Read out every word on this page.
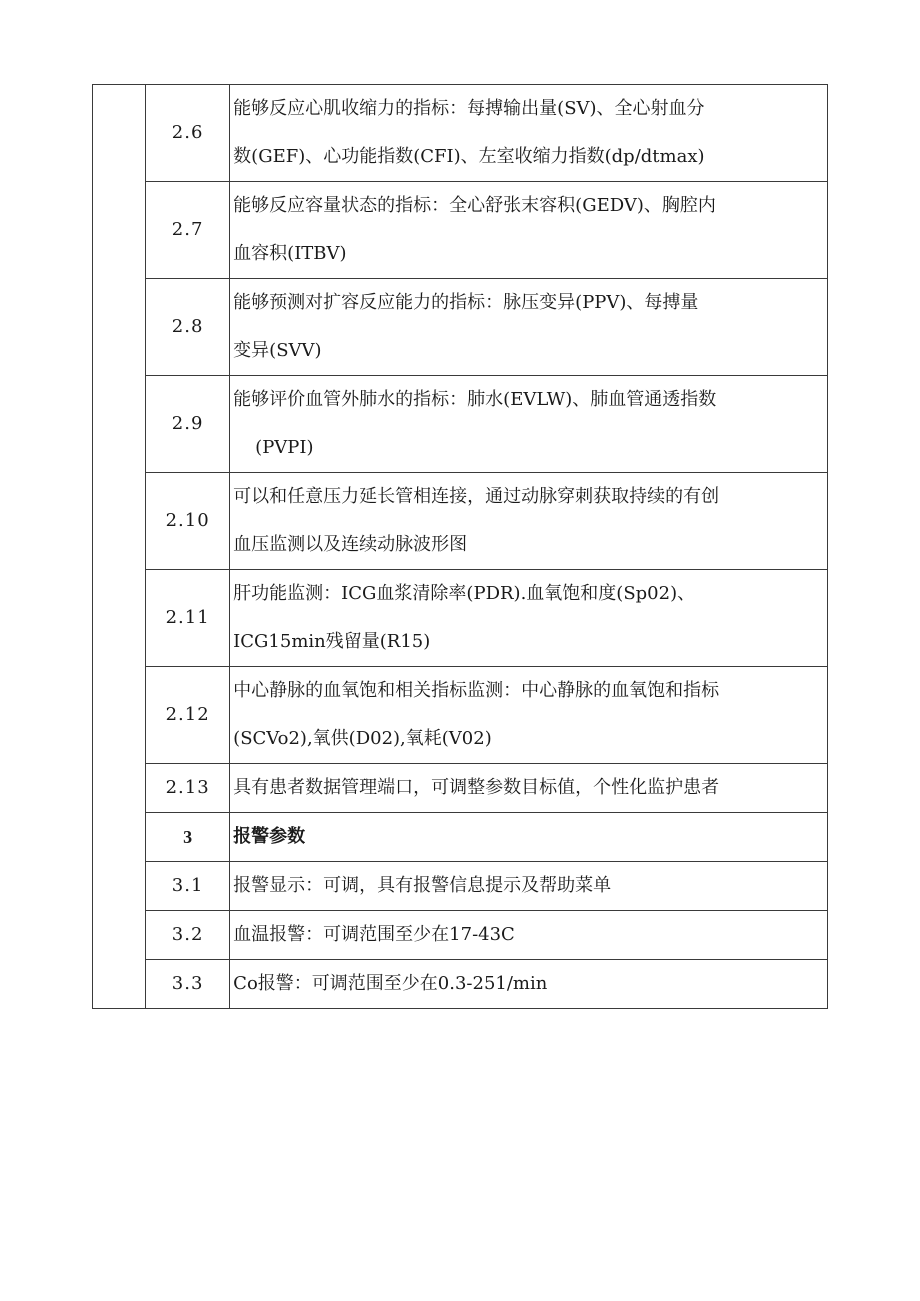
	2.6	能够反应心肌收缩力的指标：每搏输出量(SV)、全心射血分
数(GEF)、心功能指数(CFI)、左室收缩力指数(dp/dtmax)

	2.7	能够反应容量状态的指标：全心舒张末容积(GEDV)、胸腔内
血容积(ITBV)

	2.8	能够预测对扩容反应能力的指标：脉压变异(PPV)、每搏量
变异(SVV)

	2.9	能够评价血管外肺水的指标：肺水(EVLW)、肺血管通透指数
(PVPI)

	2.10	可以和任意压力延长管相连接，通过动脉穿刺获取持续的有创
血压监测以及连续动脉波形图

	2.11	肝功能监测：ICG血浆清除率(PDR).血氧饱和度(Sp02)、
ICG15min残留量(R15)

	2.12	中心静脉的血氧饱和相关指标监测：中心静脉的血氧饱和指标
(SCVo2),氧供(D02),氧耗(V02)

	2.13	具有患者数据管理端口，可调整参数目标值，个性化监护患者

	3	报警参数

	3.1	报警显示：可调，具有报警信息提示及帮助菜单

	3.2	血温报警：可调范围至少在17-43C

	3.3	Co报警：可调范围至少在0.3-251/min
